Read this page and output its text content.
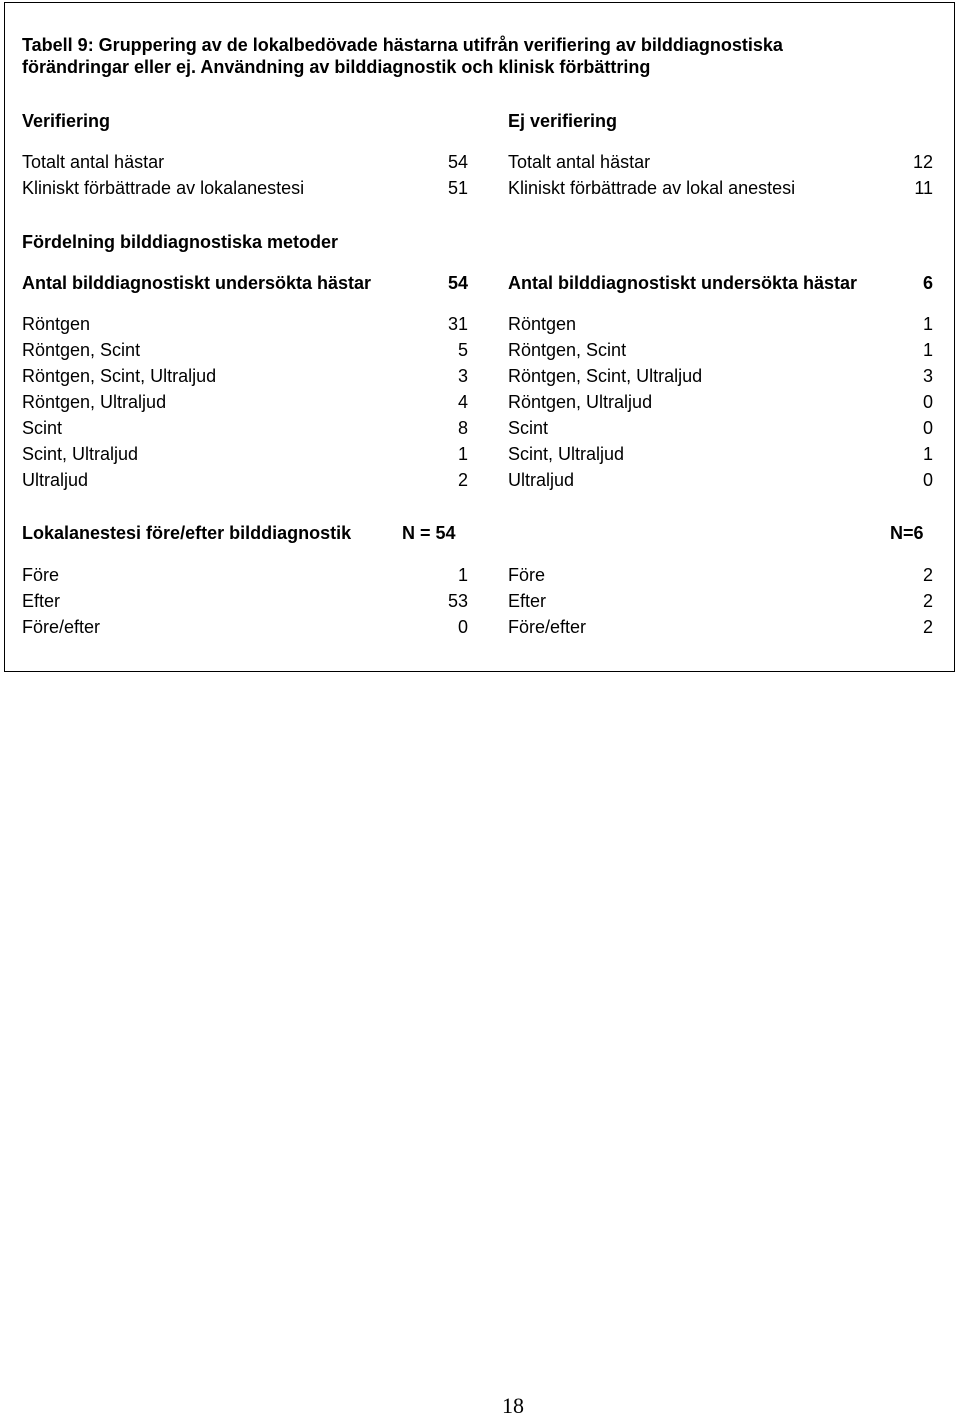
Tabell 9: Gruppering av de lokalbedövade hästarna utifrån verifiering av bilddiagnostiska
förändringar eller ej. Användning av bilddiagnostik och klinisk förbättring
Verifiering	Ej verifiering
Totalt antal hästar	54 Totalt antal hästar	12
Kliniskt förbättrade av lokalanestesi	51 Kliniskt förbättrade av lokal anestesi	11
Fördelning bilddiagnostiska metoder
Antal bilddiagnostiskt undersökta hästar	54 Antal bilddiagnostiskt undersökta hästar	6
Röntgen	31 Röntgen	1
Röntgen, Scint	5 Röntgen, Scint	1
Röntgen, Scint, Ultraljud	3 Röntgen, Scint, Ultraljud	3
Röntgen, Ultraljud	4 Röntgen, Ultraljud	0
Scint	8 Scint	0
Scint, Ultraljud	1 Scint, Ultraljud	1
Ultraljud	2 Ultraljud	0
Lokalanestesi före/efter bilddiagnostik	N = 54	N=6
Före	1 Före	2
Efter	53 Efter	2
Före/efter	0 Före/efter	2
18
